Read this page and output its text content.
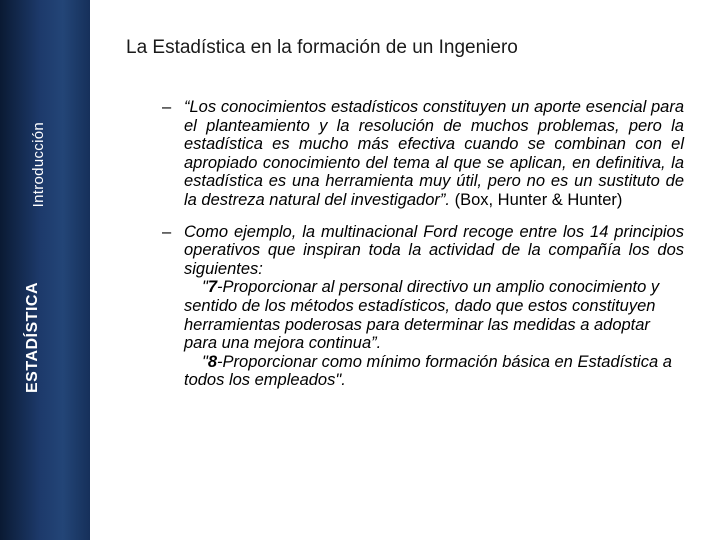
Introducción
ESTADÍSTICA
La Estadística en la formación de un Ingeniero
– “Los conocimientos estadísticos constituyen un aporte esencial para el planteamiento y la resolución de muchos problemas, pero la estadística es mucho más efectiva cuando se combinan con el apropiado conocimiento del tema al que se aplican, en definitiva, la estadística es una herramienta muy útil, pero no es un sustituto de la destreza natural del investigador”. (Box, Hunter & Hunter)
– Como ejemplo, la multinacional Ford recoge entre los 14 principios operativos que inspiran toda la actividad de la compañía los dos siguientes:
"7-Proporcionar al personal directivo un amplio conocimiento y sentido de los métodos estadísticos, dado que estos constituyen herramientas poderosas para determinar las medidas a adoptar para una mejora continua”.
"8-Proporcionar como mínimo formación básica en Estadística a todos los empleados".
